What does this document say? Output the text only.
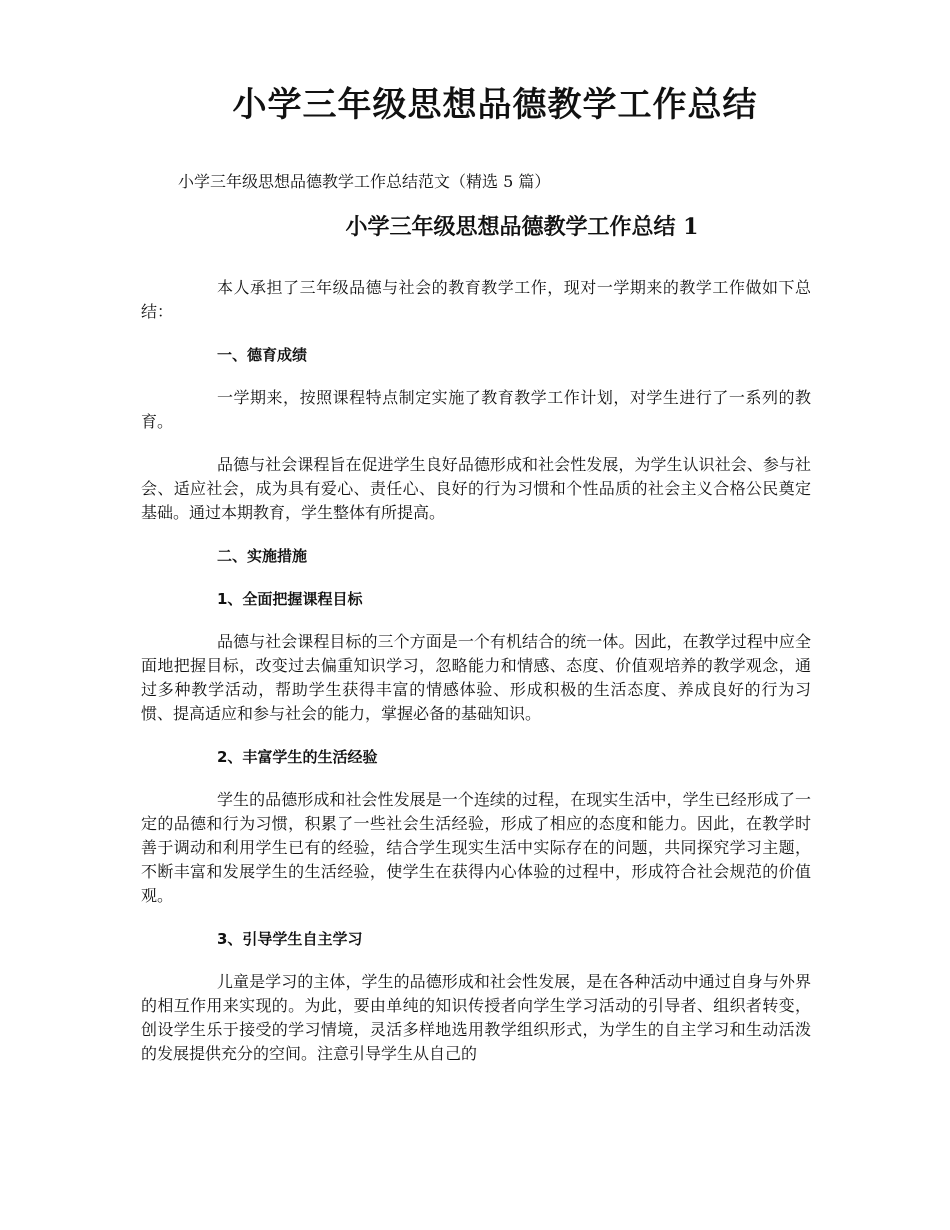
小学三年级思想品德教学工作总结

小学三年级思想品德教学工作总结范文（精选 5 篇）

小学三年级思想品德教学工作总结 1

本人承担了三年级品德与社会的教育教学工作，现对一学期来的教学工作做如下总结：

一、德育成绩

一学期来，按照课程特点制定实施了教育教学工作计划，对学生进行了一系列的教育。

品德与社会课程旨在促进学生良好品德形成和社会性发展，为学生认识社会、参与社会、适应社会，成为具有爱心、责任心、良好的行为习惯和个性品质的社会主义合格公民奠定基础。通过本期教育，学生整体有所提高。

二、实施措施
1、全面把握课程目标

品德与社会课程目标的三个方面是一个有机结合的统一体。因此，在教学过程中应全面地把握目标，改变过去偏重知识学习，忽略能力和情感、态度、价值观培养的教学观念，通过多种教学活动，帮助学生获得丰富的情感体验、形成积极的生活态度、养成良好的行为习惯、提高适应和参与社会的能力，掌握必备的基础知识。

2、丰富学生的生活经验

学生的品德形成和社会性发展是一个连续的过程，在现实生活中，学生已经形成了一定的品德和行为习惯，积累了一些社会生活经验，形成了相应的态度和能力。因此，在教学时善于调动和利用学生已有的经验，结合学生现实生活中实际存在的问题，共同探究学习主题，不断丰富和发展学生的生活经验，使学生在获得内心体验的过程中，形成符合社会规范的价值观。

3、引导学生自主学习

儿童是学习的主体，学生的品德形成和社会性发展，是在各种活动中通过自身与外界的相互作用来实现的。为此，要由单纯的知识传授者向学生学习活动的引导者、组织者转变，创设学生乐于接受的学习情境，灵活多样地选用教学组织形式，为学生的自主学习和生动活泼的发展提供充分的空间。注意引导学生从自己的
